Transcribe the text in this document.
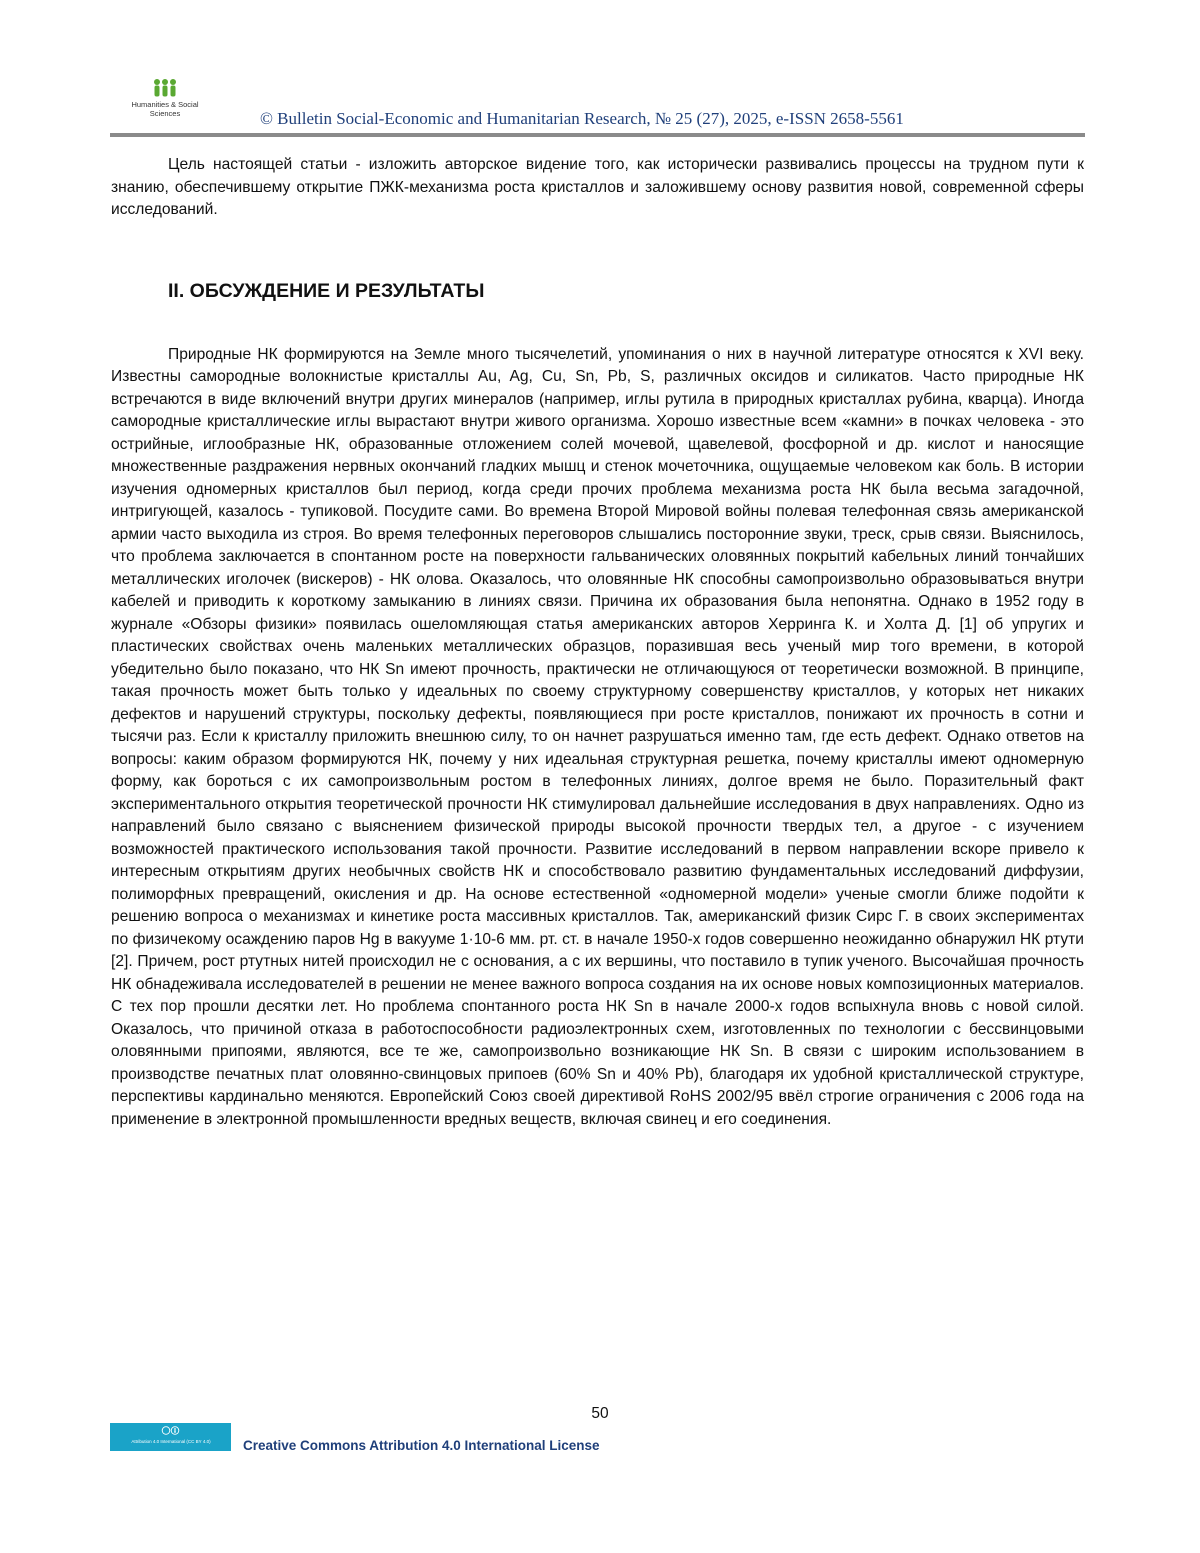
Humanities & Social Sciences	© Bulletin Social-Economic and Humanitarian Research, № 25 (27), 2025, e-ISSN 2658-5561

Цель настоящей статьи - изложить авторское видение того, как исторически развивались процессы на трудном пути к знанию, обеспечившему открытие ПЖК-механизма роста кристаллов и заложившему основу развития новой, современной сферы исследований.

II. ОБСУЖДЕНИЕ И РЕЗУЛЬТАТЫ

Природные НК формируются на Земле много тысячелетий, упоминания о них в научной литературе относятся к XVI веку. Известны самородные волокнистые кристаллы Au, Ag, Cu, Sn, Pb, S, различных оксидов и силикатов. Часто природные НК встречаются в виде включений внутри других минералов (например, иглы рутила в природных кристаллах рубина, кварца). Иногда самородные кристаллические иглы вырастают внутри живого организма. Хорошо известные всем «камни» в почках человека - это острийные, иглообразные НК, образованные отложением солей мочевой, щавелевой, фосфорной и др. кислот и наносящие множественные раздражения нервных окончаний гладких мышц и стенок мочеточника, ощущаемые человеком как боль. В истории изучения одномерных кристаллов был период, когда среди прочих проблема механизма роста НК была весьма загадочной, интригующей, казалось - тупиковой. Посудите сами. Во времена Второй Мировой войны полевая телефонная связь американской армии часто выходила из строя. Во время телефонных переговоров слышались посторонние звуки, треск, срыв связи. Выяснилось, что проблема заключается в спонтанном росте на поверхности гальванических оловянных покрытий кабельных линий тончайших металлических иголочек (вискеров) - НК олова. Оказалось, что оловянные НК способны самопроизвольно образовываться внутри кабелей и приводить к короткому замыканию в линиях связи. Причина их образования была непонятна. Однако в 1952 году в журнале «Обзоры физики» появилась ошеломляющая статья американских авторов Херринга К. и Холта Д. [1] об упругих и пластических свойствах очень маленьких металлических образцов, поразившая весь ученый мир того времени, в которой убедительно было показано, что НК Sn имеют прочность, практически не отличающуюся от теоретически возможной. В принципе, такая прочность может быть только у идеальных по своему структурному совершенству кристаллов, у которых нет никаких дефектов и нарушений структуры, поскольку дефекты, появляющиеся при росте кристаллов, понижают их прочность в сотни и тысячи раз. Если к кристаллу приложить внешнюю силу, то он начнет разрушаться именно там, где есть дефект. Однако ответов на вопросы: каким образом формируются НК, почему у них идеальная структурная решетка, почему кристаллы имеют одномерную форму, как бороться с их самопроизвольным ростом в телефонных линиях, долгое время не было. Поразительный факт экспериментального открытия теоретической прочности НК стимулировал дальнейшие исследования в двух направлениях. Одно из направлений было связано с выяснением физической природы высокой прочности твердых тел, а другое - с изучением возможностей практического использования такой прочности. Развитие исследований в первом направлении вскоре привело к интересным открытиям других необычных свойств НК и способствовало развитию фундаментальных исследований диффузии, полиморфных превращений, окисления и др. На основе естественной «одномерной модели» ученые смогли ближе подойти к решению вопроса о механизмах и кинетике роста массивных кристаллов. Так, американский физик Сирс Г. в своих экспериментах по физичекому осаждению паров Hg в вакууме 1·10-6 мм. рт. ст. в начале 1950-х годов совершенно неожиданно обнаружил НК ртути [2]. Причем, рост ртутных нитей происходил не с основания, а с их вершины, что поставило в тупик ученого. Высочайшая прочность НК обнадеживала исследователей в решении не менее важного вопроса создания на их основе новых композиционных материалов. С тех пор прошли десятки лет. Но проблема спонтанного роста НК Sn в начале 2000-х годов вспыхнула вновь с новой силой. Оказалось, что причиной отказа в работоспособности радиоэлектронных схем, изготовленных по технологии с бессвинцовыми оловянными припоями, являются, все те же, самопроизвольно возникающие НК Sn. В связи с широким использованием в производстве печатных плат оловянно-свинцовых припоев (60% Sn и 40% Pb), благодаря их удобной кристаллической структуре, перспективы кардинально меняются. Европейский Союз своей директивой RoHS 2002/95 ввёл строгие ограничения с 2006 года на применение в электронной промышленности вредных веществ, включая свинец и его соединения.

50
Attribution 4.0 International (CC BY 4.0)	Creative Commons Attribution 4.0 International License
